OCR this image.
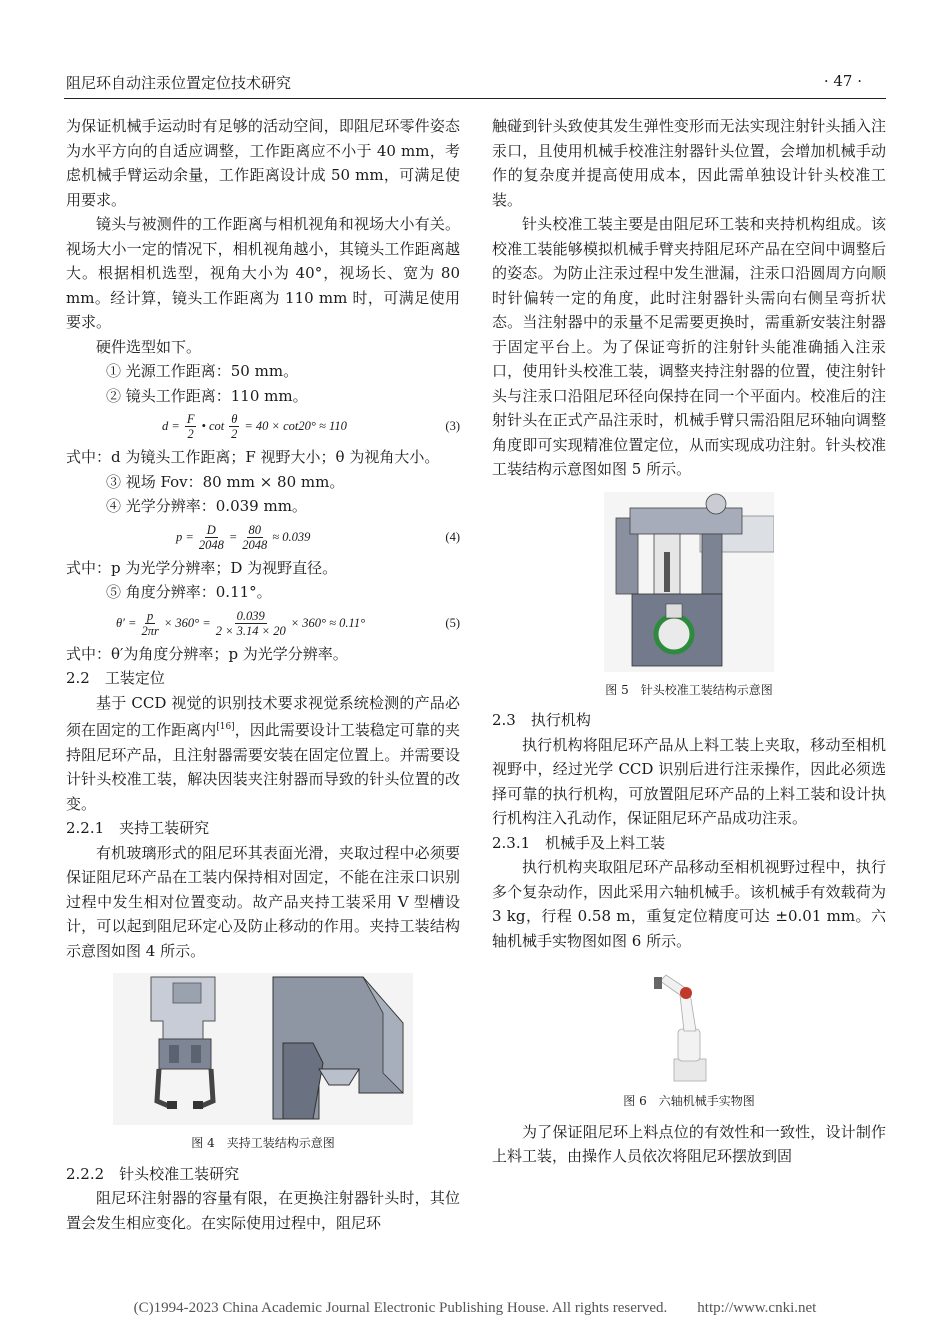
阻尼环自动注汞位置定位技术研究	· 47 ·

为保证机械手运动时有足够的活动空间，即阻尼环零件姿态为水平方向的自适应调整，工作距离应不小于 40 mm，考虑机械手臂运动余量，工作距离设计成 50 mm，可满足使用要求。

镜头与被测件的工作距离与相机视角和视场大小有关。视场大小一定的情况下，相机视角越小，其镜头工作距离越大。根据相机选型，视角大小为 40°，视场长、宽为 80 mm。经计算，镜头工作距离为 110 mm 时，可满足使用要求。

硬件选型如下。

① 光源工作距离：50 mm。

② 镜头工作距离：110 mm。

$d = \frac{F}{2}$ • $\cot \frac{\theta}{2} = 40 \times \cot 20^\circ \approx 110$	(3)

式中：d 为镜头工作距离；F 视野大小；θ 为视角大小。

③ 视场 Fov：80 mm × 80 mm。

④ 光学分辨率：0.039 mm。

$p = \frac{D}{2048} = \frac{80}{2048} \approx 0.039$	(4)

式中：p 为光学分辨率；D 为视野直径。

⑤ 角度分辨率：0.11°。

$\theta' = \frac{p}{2\pi r} \times 360^\circ = \frac{0.039}{2 \times 3.14 \times 20} \times 360^\circ \approx 0.11^\circ$	(5)

式中：θ′为角度分辨率；p 为光学分辨率。

2.2　工装定位

基于 CCD 视觉的识别技术要求视觉系统检测的产品必须在固定的工作距离内[16]，因此需要设计工装稳定可靠的夹持阻尼环产品，且注射器需要安装在固定位置上。并需要设计针头校准工装，解决因装夹注射器而导致的针头位置的改变。

2.2.1　夹持工装研究

有机玻璃形式的阻尼环其表面光滑，夹取过程中必须要保证阻尼环产品在工装内保持相对固定，不能在注汞口识别过程中发生相对位置变动。故产品夹持工装采用 V 型槽设计，可以起到阻尼环定心及防止移动的作用。夹持工装结构示意图如图 4 所示。

图 4　夹持工装结构示意图

2.2.2　针头校准工装研究

阻尼环注射器的容量有限，在更换注射器针头时，其位置会发生相应变化。在实际使用过程中，阻尼环

触碰到针头致使其发生弹性变形而无法实现注射针头插入注汞口，且使用机械手校准注射器针头位置，会增加机械手动作的复杂度并提高使用成本，因此需单独设计针头校准工装。

针头校准工装主要是由阻尼环工装和夹持机构组成。该校准工装能够模拟机械手臂夹持阻尼环产品在空间中调整后的姿态。为防止注汞过程中发生泄漏，注汞口沿圆周方向顺时针偏转一定的角度，此时注射器针头需向右侧呈弯折状态。当注射器中的汞量不足需要更换时，需重新安装注射器于固定平台上。为了保证弯折的注射针头能准确插入注汞口，使用针头校准工装，调整夹持注射器的位置，使注射针头与注汞口沿阻尼环径向保持在同一个平面内。校准后的注射针头在正式产品注汞时，机械手臂只需沿阻尼环轴向调整角度即可实现精准位置定位，从而实现成功注射。针头校准工装结构示意图如图 5 所示。

图 5　针头校准工装结构示意图

2.3　执行机构

执行机构将阻尼环产品从上料工装上夹取，移动至相机视野中，经过光学 CCD 识别后进行注汞操作，因此必须选择可靠的执行机构，可放置阻尼环产品的上料工装和设计执行机构注入孔动作，保证阻尼环产品成功注汞。

2.3.1　机械手及上料工装

执行机构夹取阻尼环产品移动至相机视野过程中，执行多个复杂动作，因此采用六轴机械手。该机械手有效载荷为 3 kg，行程 0.58 m，重复定位精度可达 ±0.01 mm。六轴机械手实物图如图 6 所示。

图 6　六轴机械手实物图

为了保证阻尼环上料点位的有效性和一致性，设计制作上料工装，由操作人员依次将阻尼环摆放到固

(C)1994-2023 China Academic Journal Electronic Publishing House. All rights reserved.　　http://www.cnki.net
